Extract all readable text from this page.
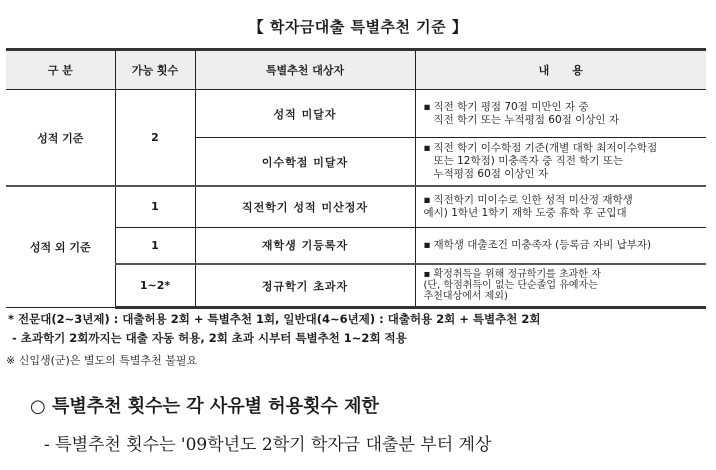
【 학자금대출 특별추천 기준 】
구 분	가능 횟수	특별추천 대상자	내      용
성적 기준	2	성적 미달자	▪ 직전 학기 평점 70점 미만인 자 중
직전 학기 또는 누적평점 60점 이상인 자
		이수학점 미달자	▪ 직전 학기 이수학점 기준(개별 대학 최저이수학점
또는 12학점) 미충족자 중 직전 학기 또는
누적평점 60점 이상인 자
성적 외 기준	1	직전학기 성적 미산정자	▪ 직전학기 미이수로 인한 성적 미산정 재학생
예시) 1학년 1학기 재학 도중 휴학 후 군입대
	1	재학생 기등록자	▪ 재학생 대출조건 미충족자 (등록금 자비 납부자)
	1~2*	정규학기 초과자	▪ 확정취득을 위해 정규학기를 초과한 자
(단, 학점취득이 없는 단순졸업 유예자는
추천대상에서 제외)
* 전문대(2~3년제) : 대출허용 2회 + 특별추천 1회, 일반대(4~6년제) : 대출허용 2회 + 특별추천 2회
- 초과학기 2회까지는 대출 자동 허용, 2회 초과 시부터 특별추천 1~2회 적용
※ 신입생(군)은 별도의 특별추천 불필요
○ 특별추천 횟수는 각 사유별 허용횟수 제한
- 특별추천 횟수는 '09학년도 2학기 학자금 대출분 부터 계상
